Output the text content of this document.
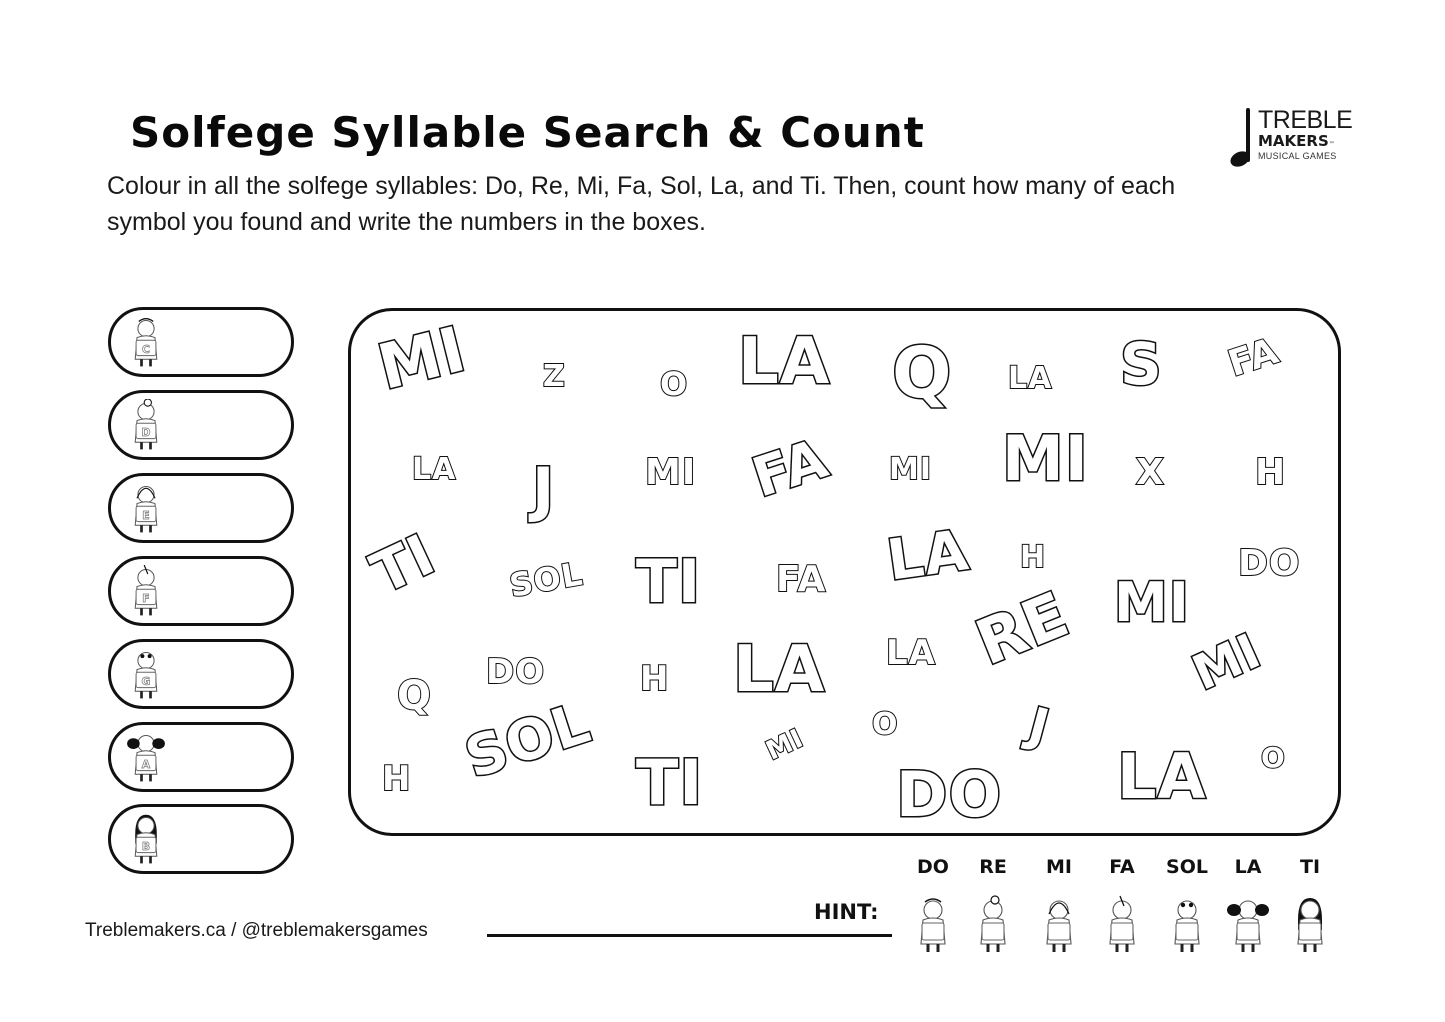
Solfege Syllable Search & Count
Colour in all the solfege syllables: Do, Re, Mi, Fa, Sol, La, and Ti. Then, count how many of each symbol you found and write the numbers in the boxes.
TREBLE
MAKERS™
MUSICAL GAMES
C
D
E
F
G
A
B
MI Z	O LA Q LA S FA
LA J MI FA MI MI X	H
TI SOL TI FA LA H	DO
MI
Q
DO	H LA LA RE MI
O	J
H SOL TI
MI
DO LA O
Treblemakers.ca / @treblemakersgames
HINT:
DO	RE	MI	FA	SOL	LA	TI
